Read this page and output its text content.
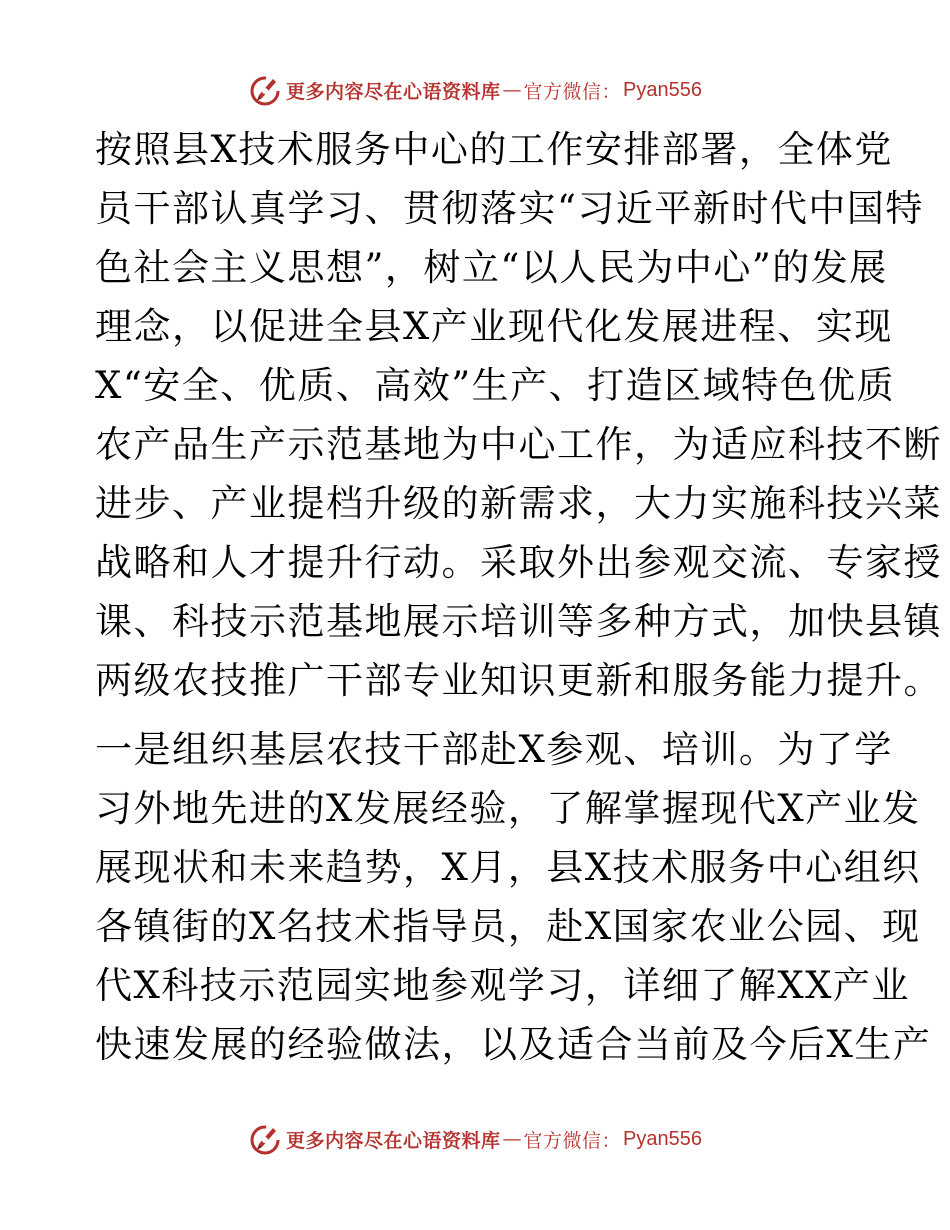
更多内容尽在心语资料库 — 官方微信： Pyan556
按照县X技术服务中心的工作安排部署，全体党
员干部认真学习、贯彻落实“习近平新时代中国特
色社会主义思想”，树立“以人民为中心”的发展
理念，以促进全县X产业现代化发展进程、实现
X“安全、优质、高效”生产、打造区域特色优质
农产品生产示范基地为中心工作，为适应科技不断
进步、产业提档升级的新需求，大力实施科技兴菜
战略和人才提升行动。采取外出参观交流、专家授
课、科技示范基地展示培训等多种方式，加快县镇
两级农技推广干部专业知识更新和服务能力提升。
一是组织基层农技干部赴X参观、培训。为了学
习外地先进的X发展经验，了解掌握现代X产业发
展现状和未来趋势，X月，县X技术服务中心组织
各镇街的X名技术指导员，赴X国家农业公园、现
代X科技示范园实地参观学习，详细了解XX产业
快速发展的经验做法，以及适合当前及今后X生产
更多内容尽在心语资料库 — 官方微信： Pyan556
